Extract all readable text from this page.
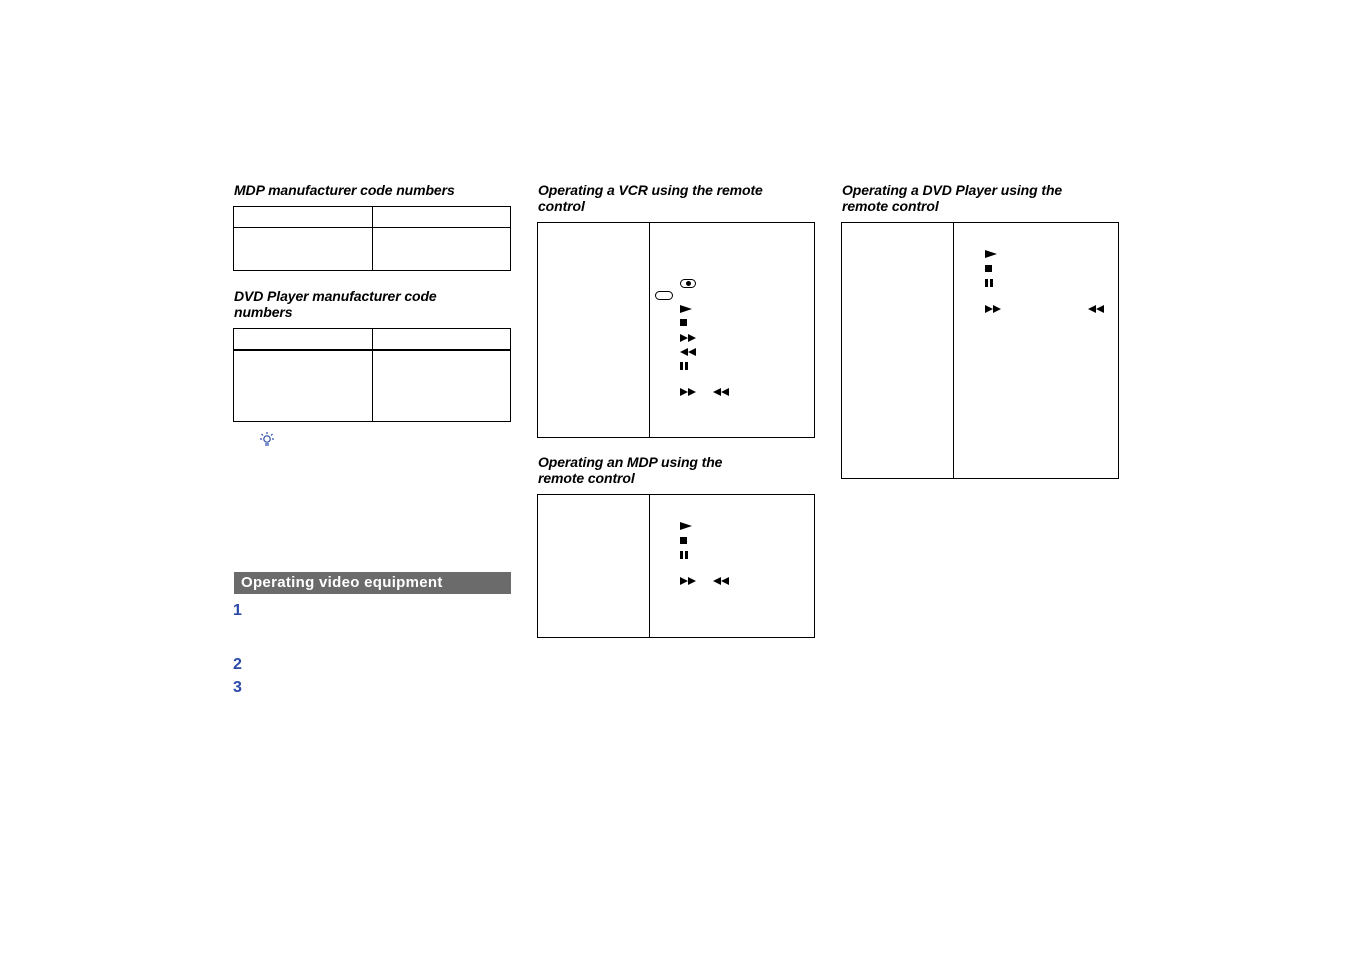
MDP manufacturer code numbers
DVD Player manufacturer code
numbers
Operating video equipment
1
2
3
Operating a VCR using the remote
control
Operating an MDP using the
remote control
Operating a DVD Player using the
remote control
